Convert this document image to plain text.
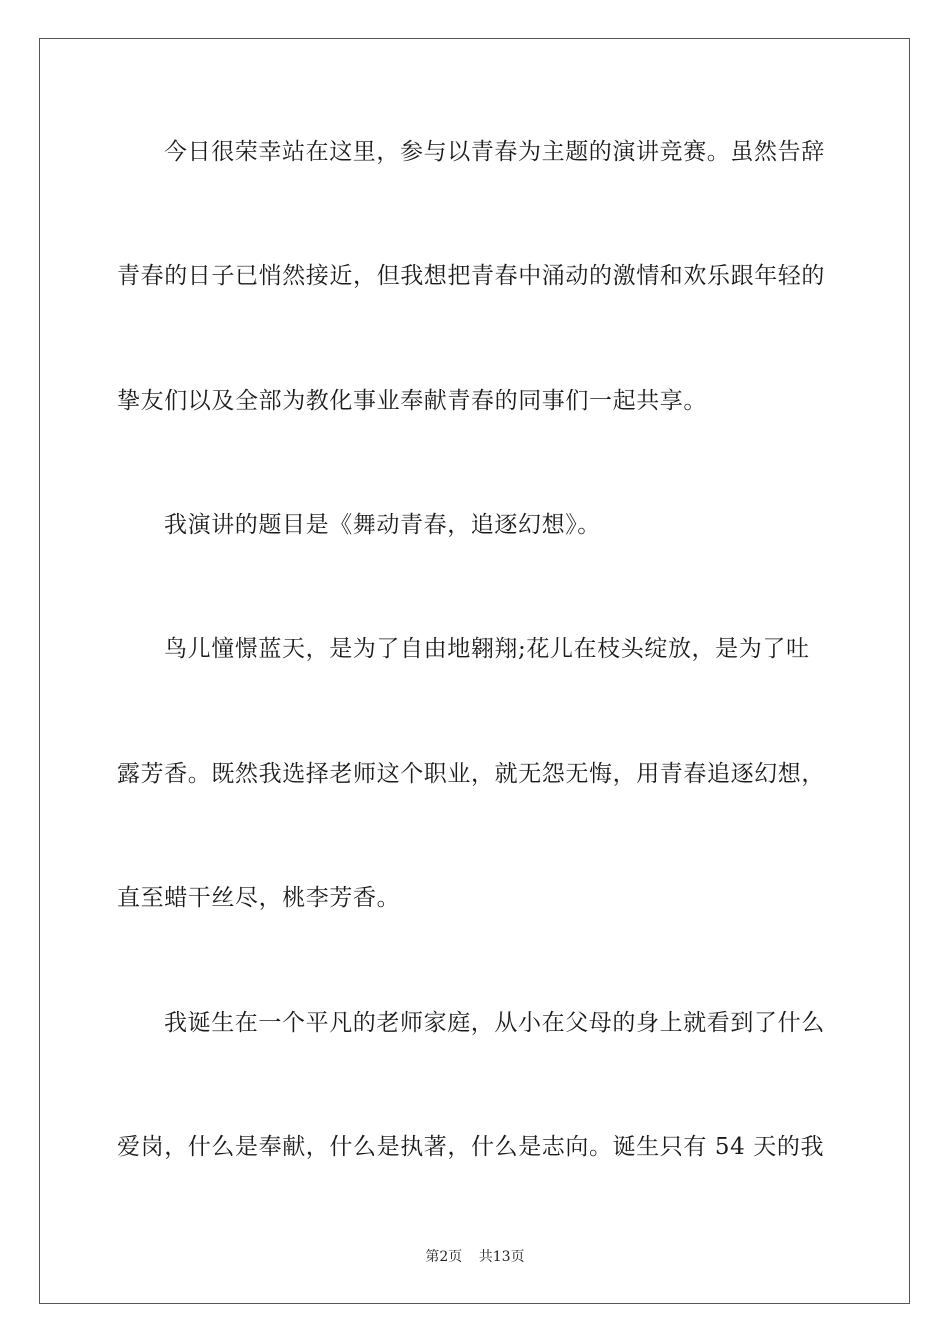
今日很荣幸站在这里，参与以青春为主题的演讲竞赛。虽然告辞
青春的日子已悄然接近，但我想把青春中涌动的激情和欢乐跟年轻的
挚友们以及全部为教化事业奉献青春的同事们一起共享。
我演讲的题目是《舞动青春，追逐幻想》。
鸟儿憧憬蓝天，是为了自由地翱翔;花儿在枝头绽放，是为了吐
露芳香。既然我选择老师这个职业，就无怨无悔，用青春追逐幻想，
直至蜡干丝尽，桃李芳香。
我诞生在一个平凡的老师家庭，从小在父母的身上就看到了什么
爱岗，什么是奉献，什么是执著，什么是志向。诞生只有 54 天的我
第2页 共13页
